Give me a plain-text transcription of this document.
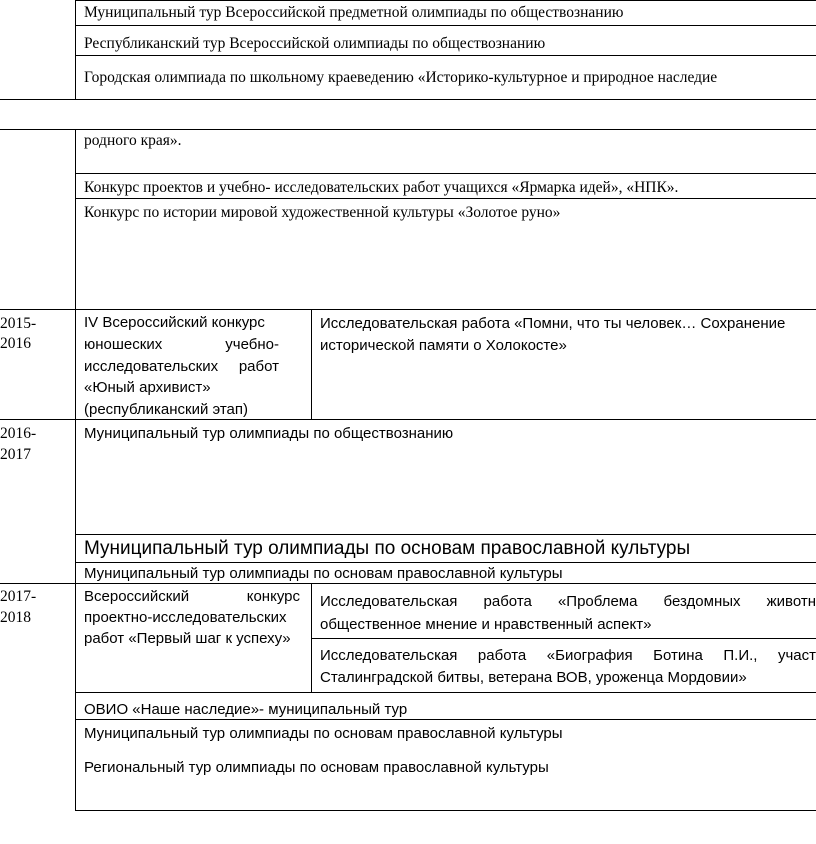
Муниципальный тур Всероссийской предметной олимпиады по обществознанию
Республиканский тур Всероссийской олимпиады по обществознанию
Городская олимпиада по школьному краеведению «Историко-культурное и природное наследие
родного края».
Конкурс проектов и учебно- исследовательских работ учащихся «Ярмарка идей», «НПК».
Конкурс по истории мировой художественной культуры «Золотое руно»
2015-
2016
IV Всероссийский конкурс
юношеских учебно-
исследовательских работ
«Юный архивист»
(республиканский этап)
Исследовательская работа «Помни, что ты человек… Сохранение исторической памяти о Холокосте»
2016-
2017
Муниципальный тур олимпиады по обществознанию
Муниципальный тур олимпиады по основам православной культуры
Муниципальный тур олимпиады по основам православной культуры
2017-
2018
Всероссийский конкурс
проектно-исследовательских
работ «Первый шаг к успеху»
Исследовательская работа «Проблема бездомных животн
общественное мнение и нравственный аспект»
Исследовательская работа «Биография Ботина П.И., участ
Сталинградской битвы, ветерана ВОВ, уроженца Мордовии»
ОВИО «Наше наследие»- муниципальный тур
Муниципальный тур олимпиады по основам православной культуры
Региональный тур олимпиады по основам православной культуры
